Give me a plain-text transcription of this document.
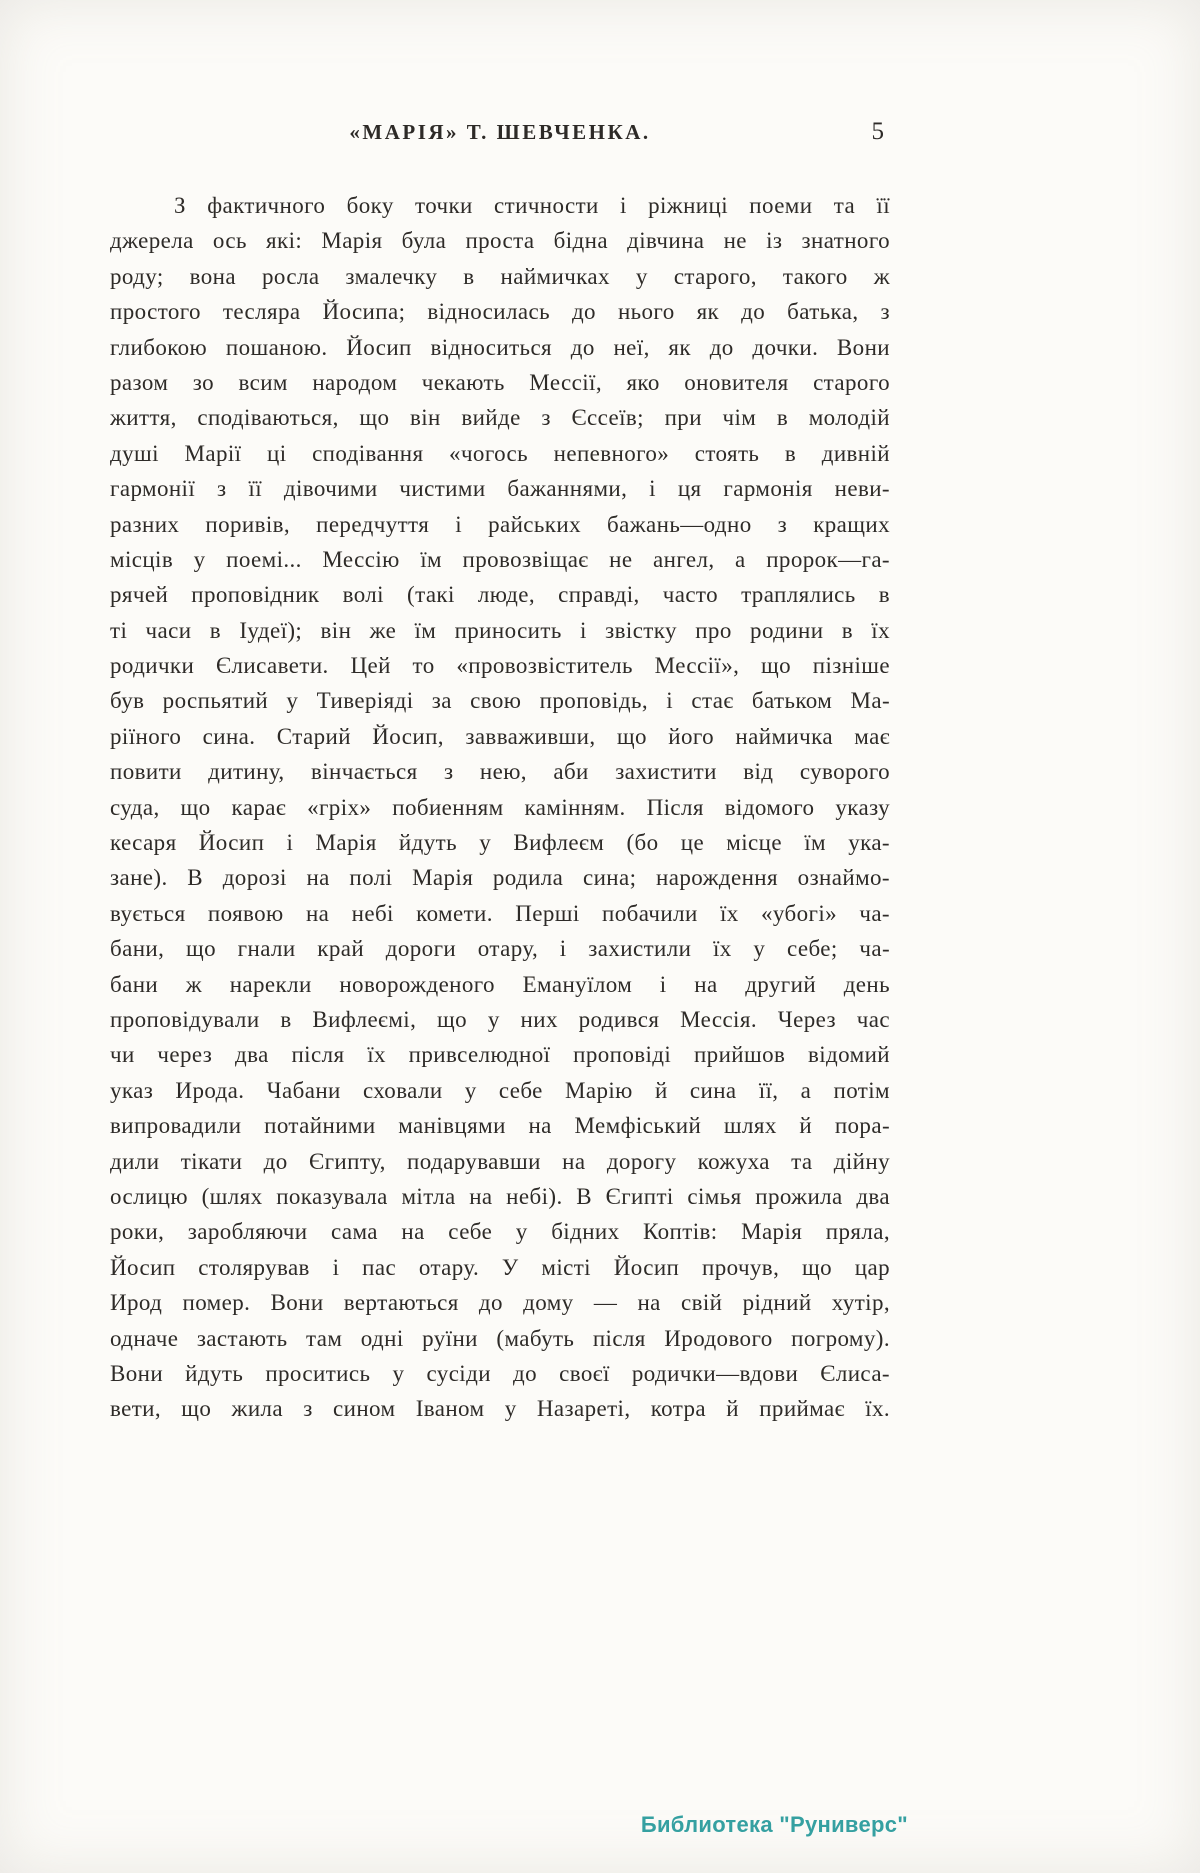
«МАРІЯ» Т. ШЕВЧЕНКА.	5
З фактичного боку точки стичности і ріжниці поеми та її
джерела ось які: Марія була проста бідна дівчина не із знатного
роду; вона росла змалечку в наймичках у старого, такого ж
простого тесляра Йосипа; відносилась до нього як до батька, з
глибокою пошаною. Йосип відноситься до неї, як до дочки. Вони
разом зо всим народом чекають Мессії, яко оновителя старого
життя, сподіваються, що він вийде з Єссеїв; при чім в молодій
душі Марії ці сподівання «чогось непевного» стоять в дивній
гармонії з її дівочими чистими бажаннями, і ця гармонія неви-
разних поривів, передчуття і райських бажань—одно з кращих
місців у поемі... Мессію їм провозвіщає не ангел, а пророк—га-
рячей проповідник волі (такі люде, справді, часто траплялись в
ті часи в Іудеї); він же їм приносить і звістку про родини в їх
родички Єлисавети. Цей то «провозвіститель Мессії», що пізніше
був роспьятий у Тиверіяді за свою проповідь, і стає батьком Ма-
ріїного сина. Старий Йосип, завваживши, що його наймичка має
повити дитину, вінчається з нею, аби захистити від суворого
суда, що карає «гріх» побиенням камінням. Після відомого указу
кесаря Йосип і Марія йдуть у Вифлеєм (бо це місце їм ука-
зане). В дорозі на полі Марія родила сина; нарождення ознаймо-
вується появою на небі комети. Перші побачили їх «убогі» ча-
бани, що гнали край дороги отару, і захистили їх у себе; ча-
бани ж нарекли новорожденого Емануїлом і на другий день
проповідували в Вифлеємі, що у них родився Мессія. Через час
чи через два після їх привселюдної проповіді прийшов відомий
указ Ирода. Чабани сховали у себе Марію й сина її, а потім
випровадили потайними манівцями на Мемфіський шлях й пора-
дили тікати до Єгипту, подарувавши на дорогу кожуха та дійну
ослицю (шлях показувала мітла на небі). В Єгипті сімья прожила два
роки, заробляючи сама на себе у бідних Коптів: Марія пряла,
Йосип столярував і пас отару. У місті Йосип прочув, що цар
Ирод помер. Вони вертаються до дому — на свій рідний хутір,
одначе застають там одні руїни (мабуть після Иродового погрому).
Вони йдуть проситись у сусіди до своєї родички—вдови Єлиса-
вети, що жила з сином Іваном у Назареті, котра й приймає їх.
Библиотека "Руниверс"
